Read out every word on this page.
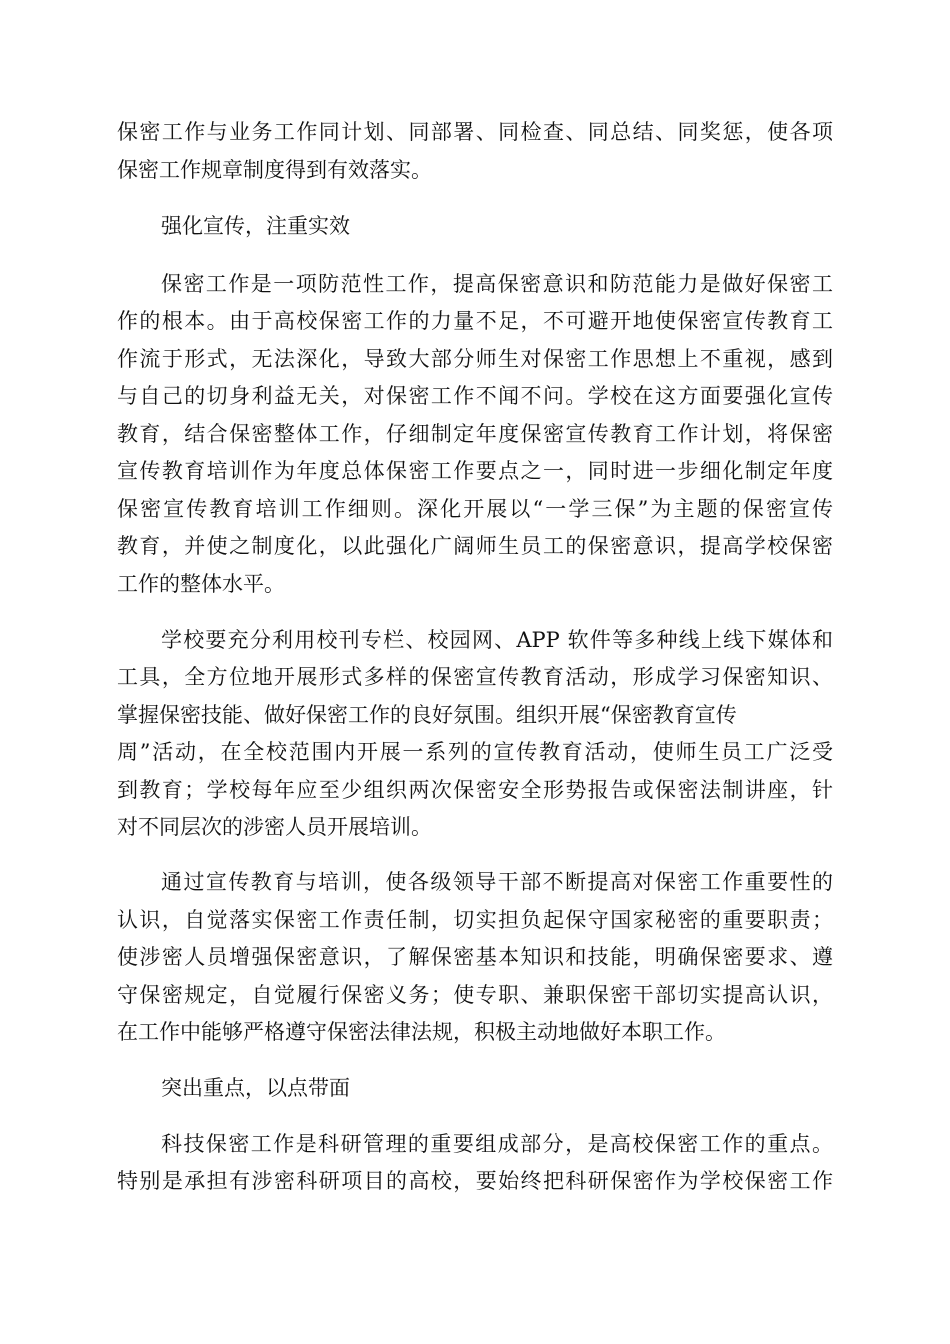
保密工作与业务工作同计划、同部署、同检查、同总结、同奖惩，使各项
保密工作规章制度得到有效落实。
强化宣传，注重实效
保密工作是一项防范性工作，提高保密意识和防范能力是做好保密工
作的根本。由于高校保密工作的力量不足，不可避开地使保密宣传教育工
作流于形式，无法深化，导致大部分师生对保密工作思想上不重视，感到
与自己的切身利益无关，对保密工作不闻不问。学校在这方面要强化宣传
教育，结合保密整体工作，仔细制定年度保密宣传教育工作计划，将保密
宣传教育培训作为年度总体保密工作要点之一，同时进一步细化制定年度
保密宣传教育培训工作细则。深化开展以“一学三保”为主题的保密宣传
教育，并使之制度化，以此强化广阔师生员工的保密意识，提高学校保密
工作的整体水平。
学校要充分利用校刊专栏、校园网、APP 软件等多种线上线下媒体和
工具，全方位地开展形式多样的保密宣传教育活动，形成学习保密知识、
掌握保密技能、做好保密工作的良好氛围。组织开展“保密教育宣传
周”活动，在全校范围内开展一系列的宣传教育活动，使师生员工广泛受
到教育；学校每年应至少组织两次保密安全形势报告或保密法制讲座，针
对不同层次的涉密人员开展培训。
通过宣传教育与培训，使各级领导干部不断提高对保密工作重要性的
认识，自觉落实保密工作责任制，切实担负起保守国家秘密的重要职责；
使涉密人员增强保密意识，了解保密基本知识和技能，明确保密要求、遵
守保密规定，自觉履行保密义务；使专职、兼职保密干部切实提高认识，
在工作中能够严格遵守保密法律法规，积极主动地做好本职工作。
突出重点，以点带面
科技保密工作是科研管理的重要组成部分，是高校保密工作的重点。
特别是承担有涉密科研项目的高校，要始终把科研保密作为学校保密工作
